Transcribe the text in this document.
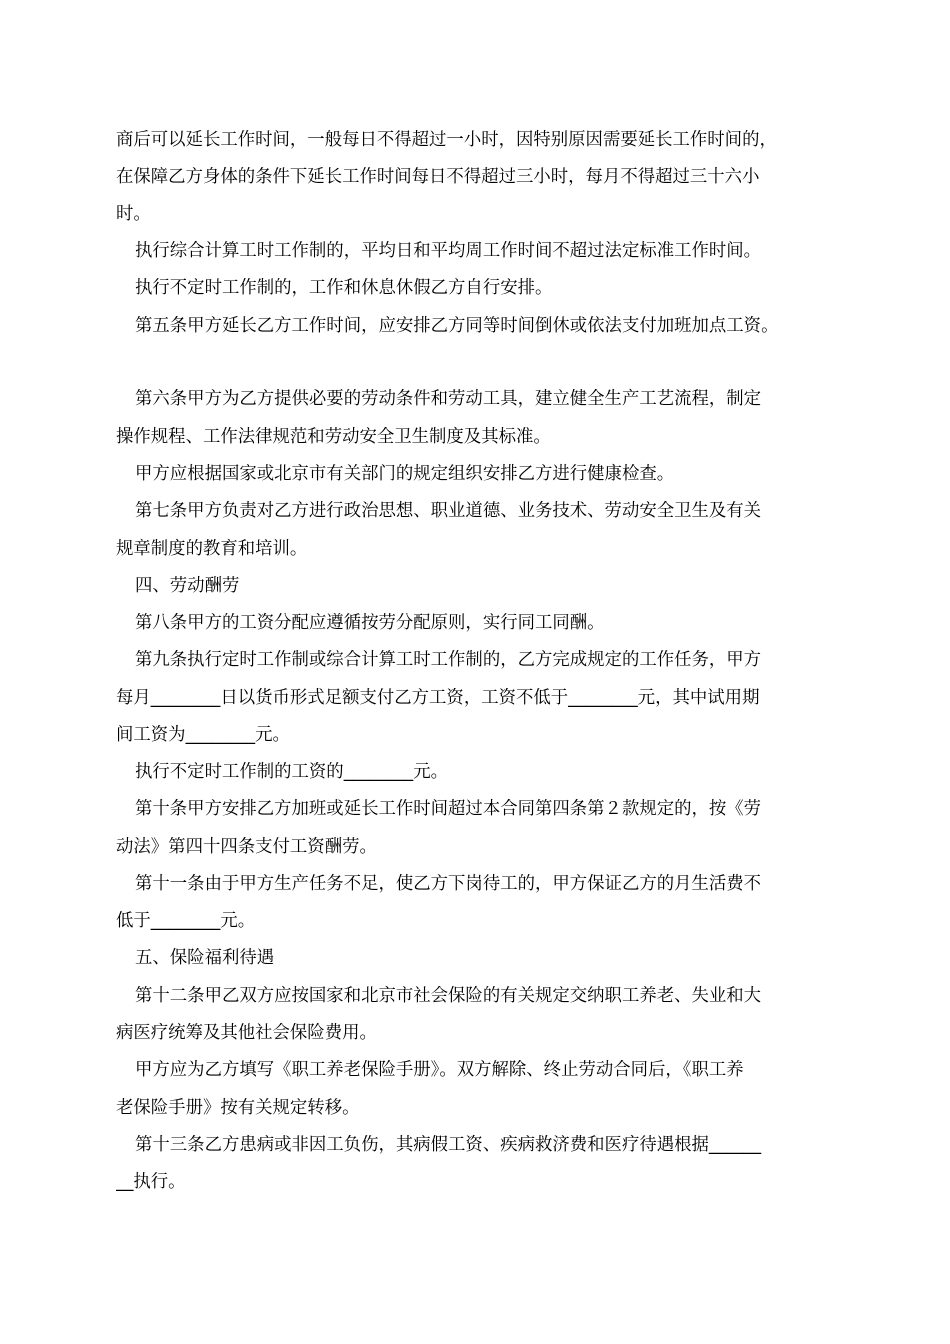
商后可以延长工作时间，一般每日不得超过一小时，因特别原因需要延长工作时间的，
在保障乙方身体的条件下延长工作时间每日不得超过三小时，每月不得超过三十六小
时。
执行综合计算工时工作制的，平均日和平均周工作时间不超过法定标准工作时间。
执行不定时工作制的，工作和休息休假乙方自行安排。
第五条甲方延长乙方工作时间，应安排乙方同等时间倒休或依法支付加班加点工资。
第六条甲方为乙方提供必要的劳动条件和劳动工具，建立健全生产工艺流程，制定
操作规程、工作法律规范和劳动安全卫生制度及其标准。
甲方应根据国家或北京市有关部门的规定组织安排乙方进行健康检查。
第七条甲方负责对乙方进行政治思想、职业道德、业务技术、劳动安全卫生及有关
规章制度的教育和培训。
四、劳动酬劳
第八条甲方的工资分配应遵循按劳分配原则，实行同工同酬。
第九条执行定时工作制或综合计算工时工作制的，乙方完成规定的工作任务，甲方
每月________日以货币形式足额支付乙方工资，工资不低于________元，其中试用期
间工资为________元。
执行不定时工作制的工资的________元。
第十条甲方安排乙方加班或延长工作时间超过本合同第四条第２款规定的，按《劳
动法》第四十四条支付工资酬劳。
第十一条由于甲方生产任务不足，使乙方下岗待工的，甲方保证乙方的月生活费不
低于________元。
五、保险福利待遇
第十二条甲乙双方应按国家和北京市社会保险的有关规定交纳职工养老、失业和大
病医疗统筹及其他社会保险费用。
甲方应为乙方填写《职工养老保险手册》。双方解除、终止劳动合同后，《职工养
老保险手册》按有关规定转移。
第十三条乙方患病或非因工负伤，其病假工资、疾病救济费和医疗待遇根据______
__执行。
